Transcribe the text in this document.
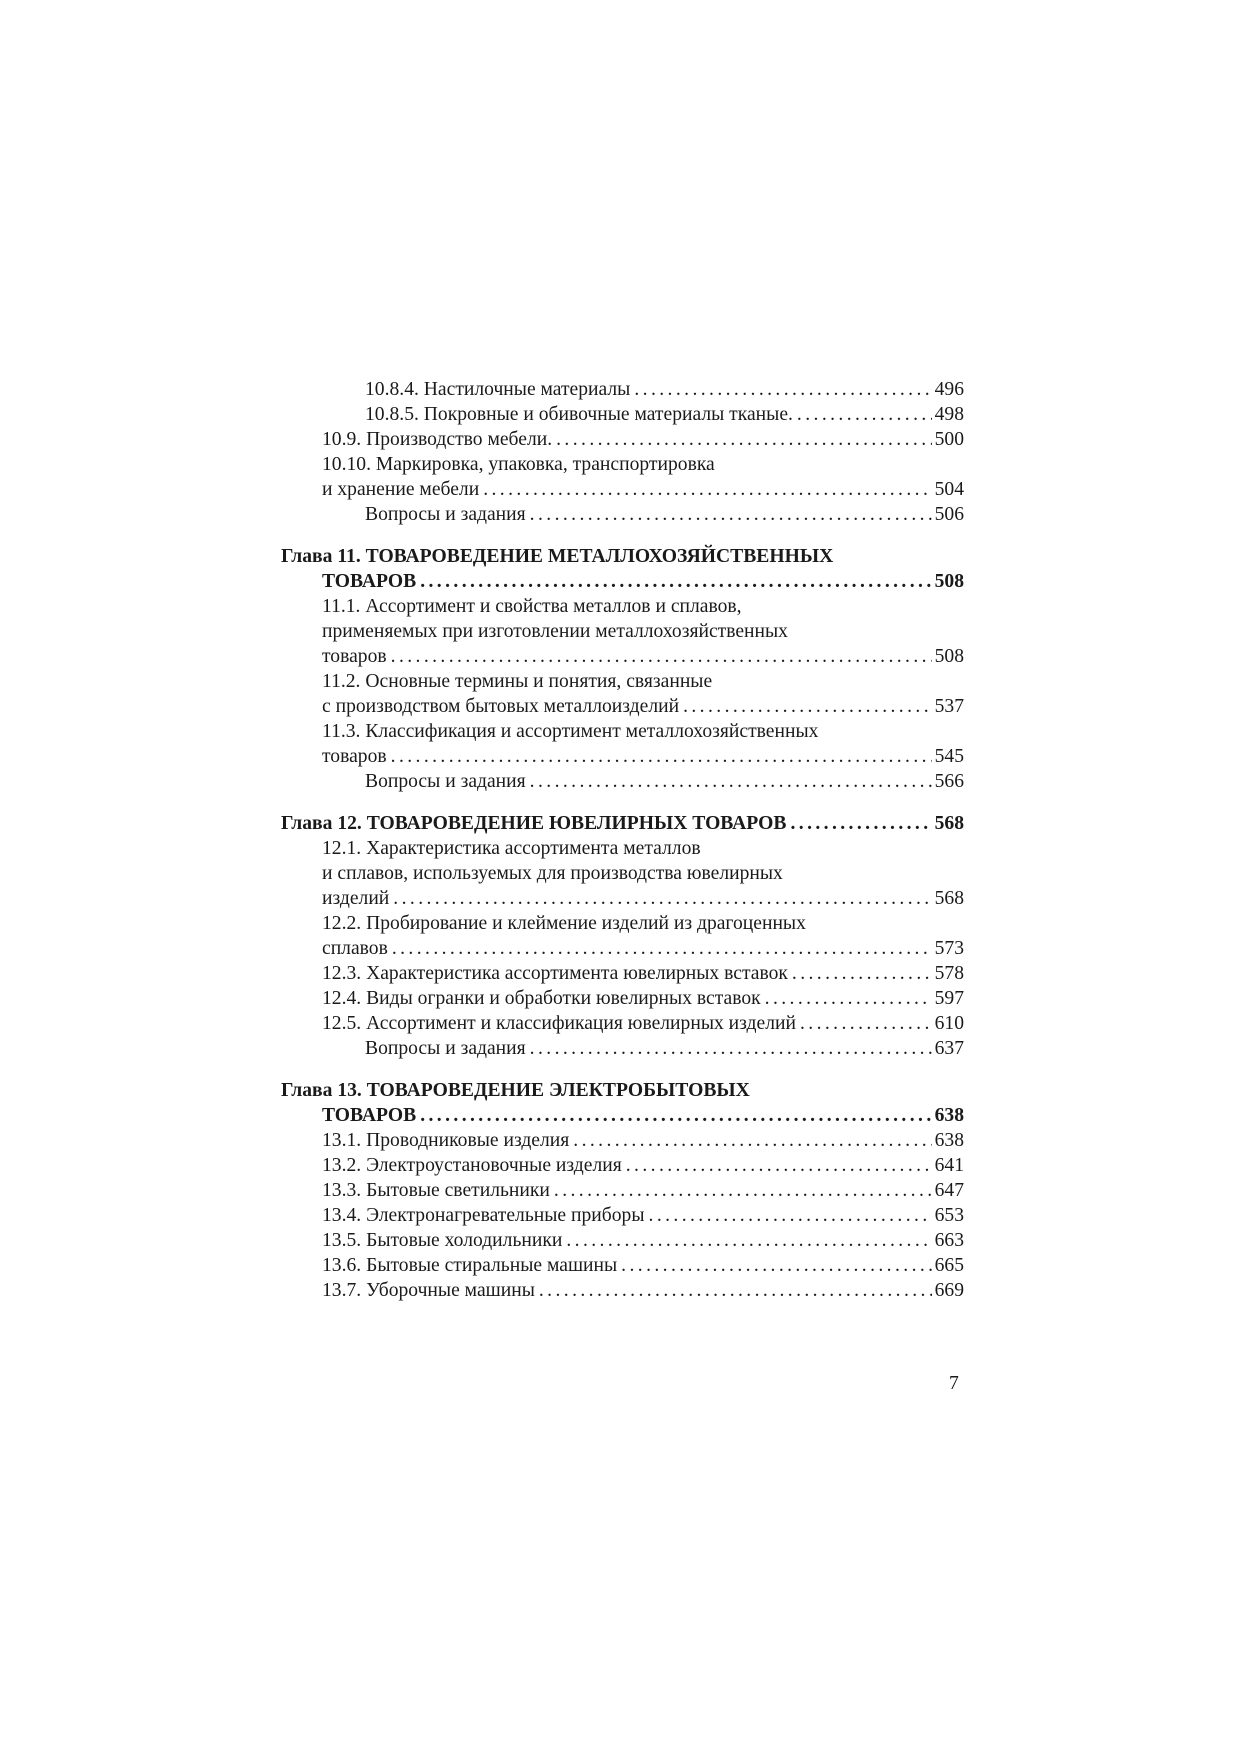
10.8.4. Настилочные материалы . . .	496
10.8.5. Покровные и обивочные материалы тканые. . . .	498
10.9. Производство мебели. . . .	500
10.10. Маркировка, упаковка, транспортировка
и хранение мебели . . .	504
Вопросы и задания . . .	506
Глава 11. ТОВАРОВЕДЕНИЕ МЕТАЛЛОХОЗЯЙСТВЕННЫХ
ТОВАРОВ . . .	508
11.1. Ассортимент и свойства металлов и сплавов,
применяемых при изготовлении металлохозяйственных
товаров . . .	508
11.2. Основные термины и понятия, связанные
с производством бытовых металлоизделий . . .	537
11.3. Классификация и ассортимент металлохозяйственных
товаров . . .	545
Вопросы и задания . . .	566
Глава 12. ТОВАРОВЕДЕНИЕ ЮВЕЛИРНЫХ ТОВАРОВ . . .	568
12.1. Характеристика ассортимента металлов
и сплавов, используемых для производства ювелирных
изделий . . .	568
12.2. Пробирование и клеймение изделий из драгоценных
сплавов . . .	573
12.3. Характеристика ассортимента ювелирных вставок . . .	578
12.4. Виды огранки и обработки ювелирных вставок . . .	597
12.5. Ассортимент и классификация ювелирных изделий . . .	610
Вопросы и задания . . .	637
Глава 13. ТОВАРОВЕДЕНИЕ ЭЛЕКТРОБЫТОВЫХ
ТОВАРОВ . . .	638
13.1. Проводниковые изделия . . .	638
13.2. Электроустановочные изделия . . .	641
13.3. Бытовые светильники . . .	647
13.4. Электронагревательные приборы . . .	653
13.5. Бытовые холодильники . . .	663
13.6. Бытовые стиральные машины . . .	665
13.7. Уборочные машины . . .	669
7
